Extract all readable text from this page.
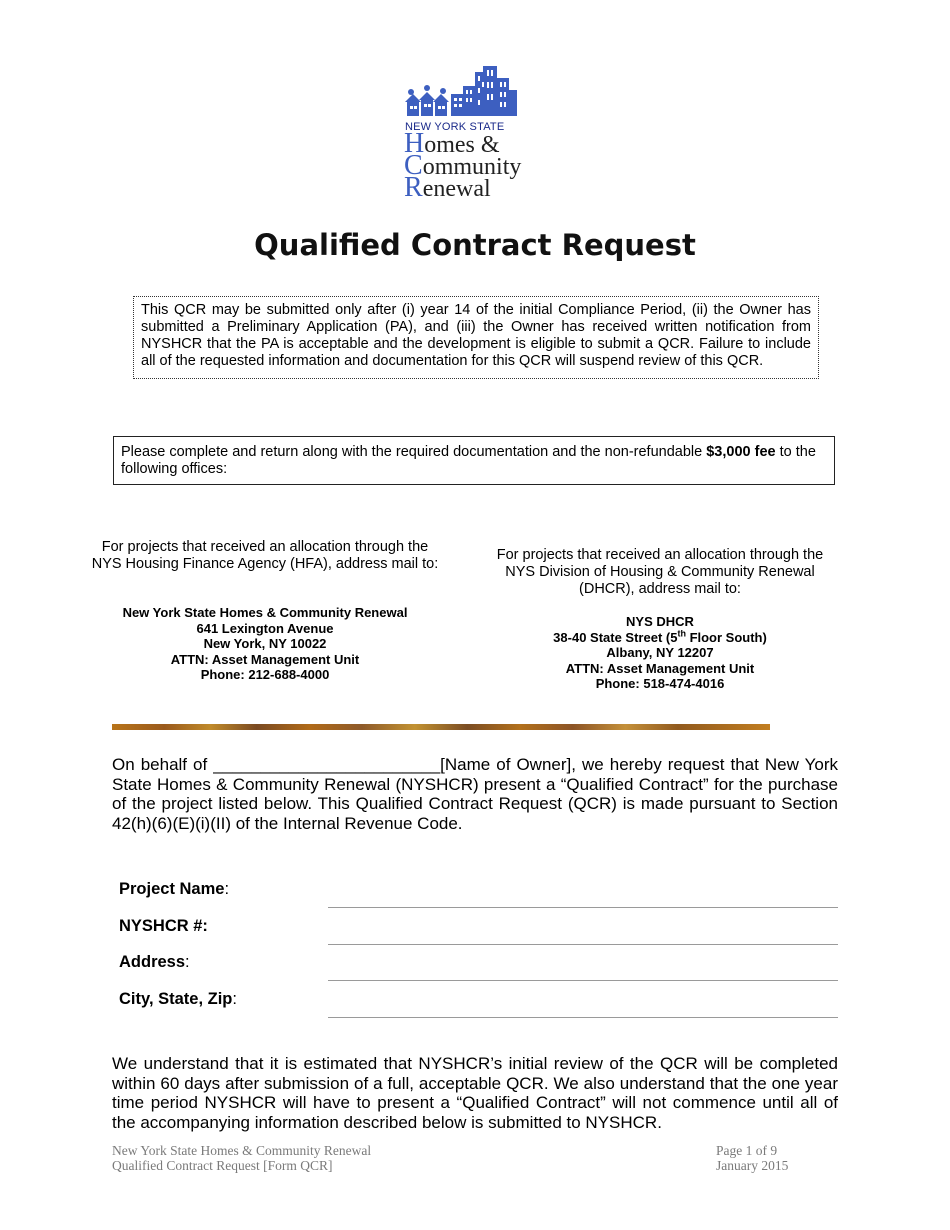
NEW YORK STATE
Homes &
Community
Renewal
Qualified Contract Request
This QCR may be submitted only after (i) year 14 of the initial Compliance Period, (ii) the Owner has submitted a Preliminary Application (PA), and (iii) the Owner has received written notification from NYSHCR that the PA is acceptable and the development is eligible to submit a QCR. Failure to include all of the requested information and documentation for this QCR will suspend review of this QCR.
Please complete and return along with the required documentation and the non-refundable $3,000 fee to the following offices:
For projects that received an allocation through the NYS Housing Finance Agency (HFA), address mail to:
New York State Homes & Community Renewal
641 Lexington Avenue
New York, NY 10022
ATTN: Asset Management Unit
Phone: 212-688-4000
For projects that received an allocation through the NYS Division of Housing & Community Renewal (DHCR), address mail to:
NYS DHCR
38-40 State Street (5th Floor South)
Albany, NY 12207
ATTN: Asset Management Unit
Phone: 518-474-4016
On behalf of ________________________[Name of Owner], we hereby request that New York State Homes & Community Renewal (NYSHCR) present a “Qualified Contract” for the purchase of the project listed below. This Qualified Contract Request (QCR) is made pursuant to Section 42(h)(6)(E)(i)(II) of the Internal Revenue Code.
Project Name:
NYSHCR #:
Address:
City, State, Zip:
We understand that it is estimated that NYSHCR’s initial review of the QCR will be completed within 60 days after submission of a full, acceptable QCR. We also understand that the one year time period NYSHCR will have to present a “Qualified Contract” will not commence until all of the accompanying information described below is submitted to NYSHCR.
New York State Homes & Community Renewal
Qualified Contract Request [Form QCR]
Page 1 of 9
January 2015
